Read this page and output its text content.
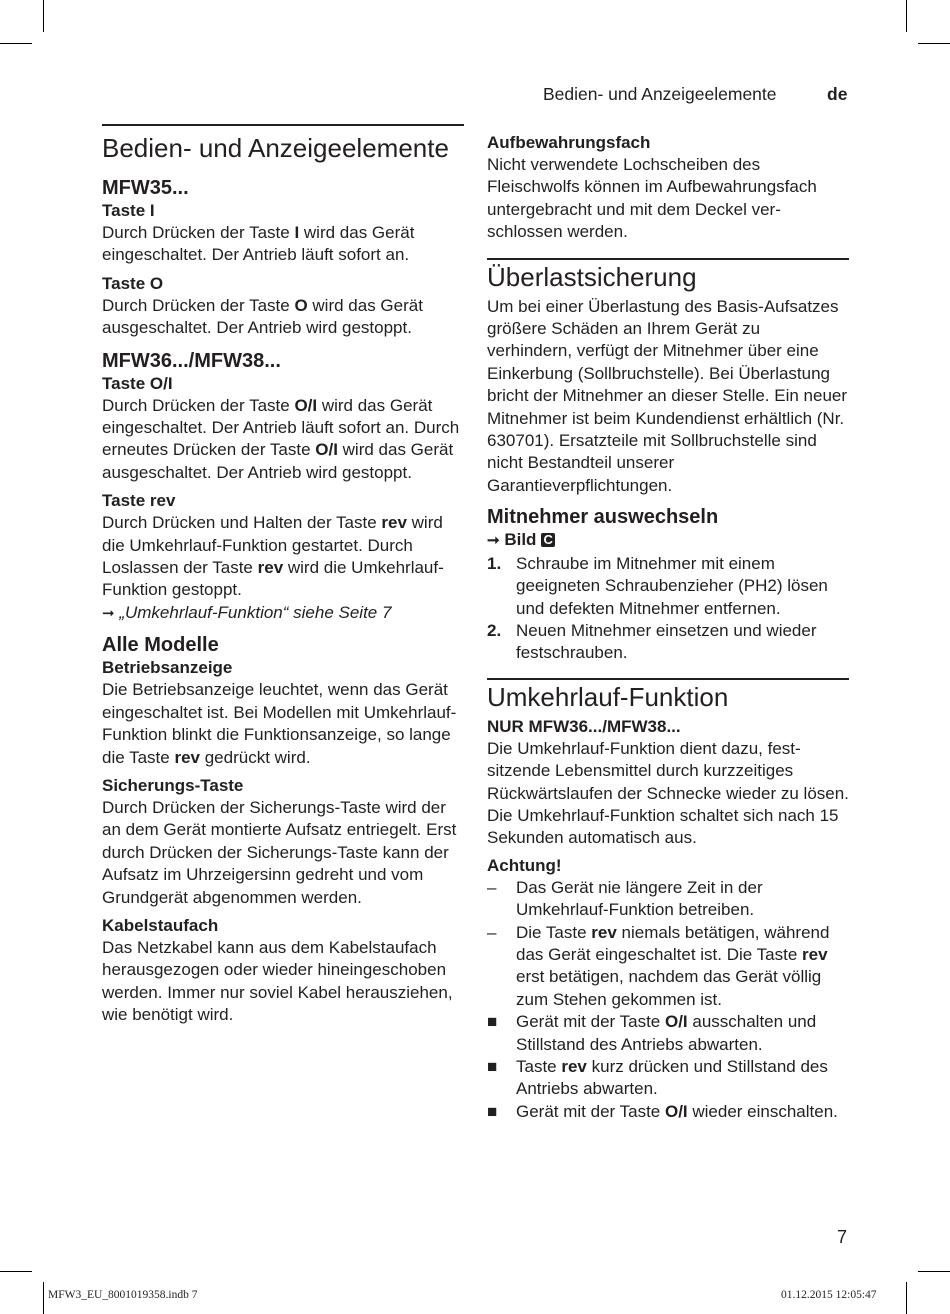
Bedien- und Anzeigeelemente	de
Bedien- und Anzeigeelemente
MFW35...
Taste I

Durch Drücken der Taste I wird das Gerät eingeschaltet. Der Antrieb läuft sofort an.

Taste O

Durch Drücken der Taste O wird das Gerät ausgeschaltet. Der Antrieb wird gestoppt.

MFW36.../MFW38...
Taste O/I

Durch Drücken der Taste O/I wird das Gerät eingeschaltet. Der Antrieb läuft sofort an. Durch erneutes Drücken der Taste O/I wird das Gerät ausgeschaltet. Der Antrieb wird gestoppt.

Taste rev

Durch Drücken und Halten der Taste rev wird die Umkehrlauf-Funktion gestartet. Durch Loslassen der Taste rev wird die Umkehrlauf-Funktion gestoppt.

➞ „Umkehrlauf-Funktion“ siehe Seite 7

Alle Modelle
Betriebsanzeige

Die Betriebsanzeige leuchtet, wenn das Gerät eingeschaltet ist. Bei Modellen mit Umkehrlauf-Funktion blinkt die Funktionsanzeige, so lange die Taste rev gedrückt wird.

Sicherungs-Taste

Durch Drücken der Sicherungs-Taste wird der an dem Gerät montierte Aufsatz entriegelt. Erst durch Drücken der Sicherungs-Taste kann der Aufsatz im Uhrzeigersinn gedreht und vom Grundgerät abgenommen werden.

Kabelstaufach

Das Netzkabel kann aus dem Kabelstaufach herausgezogen oder wieder hineingeschoben werden. Immer nur soviel Kabel herausziehen, wie benötigt wird.

Aufbewahrungsfach

Nicht verwendete Lochscheiben des Fleischwolfs können im Aufbewahrungsfach untergebracht und mit dem Deckel verschlossen werden.

Überlastsicherung

Um bei einer Überlastung des Basis-Aufsatzes größere Schäden an Ihrem Gerät zu verhindern, verfügt der Mitnehmer über eine Einkerbung (Sollbruchstelle). Bei Überlastung bricht der Mitnehmer an dieser Stelle. Ein neuer Mitnehmer ist beim Kundendienst erhältlich (Nr. 630701). Ersatzteile mit Sollbruchstelle sind nicht Bestandteil unserer Garantieverpflichtungen.

Mitnehmer auswechseln

➞ Bild C

1. Schraube im Mitnehmer mit einem geeigneten Schraubenzieher (PH2) lösen und defekten Mitnehmer entfernen.
2. Neuen Mitnehmer einsetzen und wieder festschrauben.
Umkehrlauf-Funktion
NUR MFW36.../MFW38...

Die Umkehrlauf-Funktion dient dazu, festsitzende Lebensmittel durch kurzzeitiges Rückwärtslaufen der Schnecke wieder zu lösen. Die Umkehrlauf-Funktion schaltet sich nach 15 Sekunden automatisch aus.

Achtung!
– Das Gerät nie längere Zeit in der Umkehrlauf-Funktion betreiben.
– Die Taste rev niemals betätigen, während das Gerät eingeschaltet ist. Die Taste rev erst betätigen, nachdem das Gerät völlig zum Stehen gekommen ist.
■ Gerät mit der Taste O/I ausschalten und Stillstand des Antriebs abwarten.
■ Taste rev kurz drücken und Stillstand des Antriebs abwarten.
■ Gerät mit der Taste O/I wieder einschalten.
7
MFW3_EU_8001019358.indb 7	01.12.2015 12:05:47
